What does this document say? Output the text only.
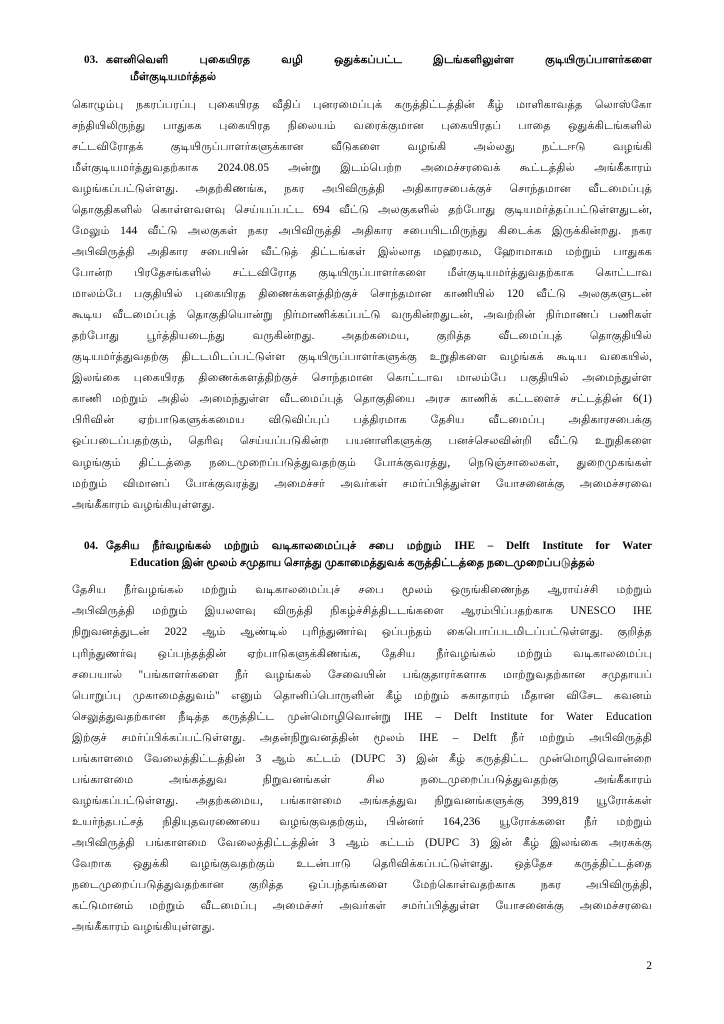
03. களனிவெளி புகையிரத வழி ஒதுக்கப்பட்ட இடங்களிலுள்ள குடியிருப்பாளர்களை
மீள்குடியமர்த்தல்

கொழும்பு நகரப்பரப்பு புகையிரத வீதிப் புனரமைப்புக் கருத்திட்டத்தின் கீழ் மாளிகாவத்த லொஸ்கோ
சந்தியிலிருந்து பாதுகக புகையிரத நிலையம் வரைக்குமான புகையிரதப் பாதை ஒதுக்கிடங்களில்
சட்டவிரோதக் குடியிருப்பாளர்களுக்கான வீடுகளை வழங்கி அல்லது நட்டஈடு வழங்கி
மீள்குடியமர்த்துவதற்காக 2024.08.05 அன்று இடம்பெற்ற அமைச்சரவைக் கூட்டத்தில் அங்கீகாரம்
வழங்கப்பட்டுள்ளது. அதற்கிணங்க, நகர அபிவிருத்தி அதிகாரசபைக்குச் சொந்தமான வீடமைப்புத்
தொகுதிகளில் கொள்ளவளவு செய்யப்பட்ட 694 வீட்டு அலகுகளில் தற்போது குடியமர்த்தப்பட்டுள்ளதுடன்,
மேலும் 144 வீட்டு அலகுகள் நகர அபிவிருத்தி அதிகார சபையிடமிருந்து கிடைக்க இருக்கின்றது. நகர
அபிவிருத்தி அதிகார சபையின் வீட்டுத் திட்டங்கள் இல்லாத மஹரகம, ஹோமாகம மற்றும் பாதுகக
போன்ற பிரதேசங்களில் சட்டவிரோத குடியிருப்பாளர்களை மீள்குடியமர்த்துவதற்காக கொட்டாவ
மாலம்பே பகுதியில் புகையிரத திணைக்களத்திற்குச் சொந்தமான காணியில் 120 வீட்டு அலகுகளுடன்
கூடிய வீடமைப்புத் தொகுதியொன்று நிர்மாணிக்கப்பட்டு வருகின்றதுடன், அவற்றின் நிர்மாணப் பணிகள்
தற்போது பூர்த்தியடைந்து வருகின்றது. அதற்கமைய, குறித்த வீடமைப்புத் தொகுதியில்
குடியமர்த்துவதற்கு திடடமிடப்பட்டுள்ள குடியிருப்பாளர்களுக்கு உறுதிகளை வழங்கக் கூடிய வகையில்,
இலங்கை புகையிரத திணைக்களத்திற்குச் சொந்தமான கொட்டாவ மாலம்பே பகுதியில் அமைந்துள்ள
காணி மற்றும் அதில் அமைந்துள்ள வீடமைப்புத் தொகுதியை அரச காணிக் கட்டளைச் சட்டத்தின் 6(1)
பிரிவின் ஏற்பாடுகளுக்கமைய விடுவிப்புப் பத்திரமாக தேசிய வீடமைப்பு அதிகாரசபைக்கு
ஒப்படைப்பதற்கும், தெரிவு செய்யப்படுகின்ற பயனாளிகளுக்கு பனச்செலவின்றி வீட்டு உறுதிகளை
வழங்கும் திட்டத்தை நடைமுறைப்படுத்துவதற்கும் போக்குவரத்து, நெடுஞ்சாலைகள், துறைமுகங்கள்
மற்றும் விமானப் போக்குவரத்து அமைச்சர் அவர்கள் சமர்ப்பித்துள்ள யோசனைக்கு அமைச்சரவை
அங்கீகாரம் வழங்கியுள்ளது.

04. தேசிய நீர்வழங்கல் மற்றும் வடிகாலமைப்புச் சபை மற்றும் IHE – Delft Institute for Water
Education இன் மூலம் சமுதாய சொத்து முகாமைத்துவக் கருத்திட்டத்தை நடைமுறைப்படுத்தல்

தேசிய நீர்வழங்கல் மற்றும் வடிகாலமைப்புச் சபை மூலம் ஒருங்கிணைந்த ஆராய்ச்சி மற்றும்
அபிவிருத்தி மற்றும் இயலளவு விருத்தி நிகழ்ச்சித்திடடங்களை ஆரம்பிப்பதற்காக UNESCO IHE
நிறுவனத்துடன் 2022 ஆம் ஆண்டில் புரிந்துணர்வு ஒப்பந்தம் கைபொப்படமிடப்பட்டுள்ளது. குறித்த
புரிந்துணர்வு ஒப்பந்தத்தின் ஏற்பாடுகளுக்கிணங்க, தேசிய நீர்வழங்கல் மற்றும் வடிகாலமைப்பு
சபையால் ''பங்காளர்களை நீர் வழங்கல் சேவையின் பங்குதாரர்களாக மாற்றுவதற்கான சமுதாயப்
பொறுப்பு முகாமைத்துவம்'' எனும் தொனிப்பொருளின் கீழ் மற்றும் சுகாதாரம் மீதான விசேட கவனம்
செலுத்துவதற்கான நீடித்த கருத்திட்ட முன்மொழிவொன்று IHE – Delft Institute for Water Education
இற்குச் சமர்ப்பிக்கப்பட்டுள்ளது. அதன்நிறுவனத்தின் மூலம் IHE – Delft நீர் மற்றும் அபிவிருத்தி
பங்காளமை வேலைத்திட்டத்தின் 3 ஆம் கட்டம் (DUPC 3) இன் கீழ் கருத்திட்ட முன்மொழிவொன்றை
பங்காளமை அங்கத்துவ நிறுவனங்கள் சில நடைமுறைப்படுத்துவதற்கு அங்கீகாரம்
வழங்கப்பட்டுள்ளது. அதற்கமைய, பங்காளமை அங்கத்துவ நிறுவனங்களுக்கு 399,819 யூரோக்கள்
உயர்ந்தபட்சத் நிதியுதவரணையை வழங்குவதற்கும், பின்னர் 164,236 யூரோக்களை நீர் மற்றும்
அபிவிருத்தி பங்காளமை வேலைத்திட்டத்தின் 3 ஆம் கட்டம் (DUPC 3) இன் கீழ் இலங்கை அரசுக்கு
வேறாக ஒதுக்கி வழங்குவதற்கும் உடன்பாடு தெரிவிக்கப்பட்டுள்ளது. ஒத்தேச கருத்திட்டத்தை
நடைமுறைப்படுத்துவதற்கான குறித்த ஒப்பந்தங்களை மேற்கொள்வதற்காக நகர அபிவிருத்தி,
கட்டுமானம் மற்றும் வீடமைப்பு அமைச்சர் அவர்கள் சமர்ப்பித்துள்ள யோசனைக்கு அமைச்சரவை
அங்கீகாரம் வழங்கியுள்ளது.

2
